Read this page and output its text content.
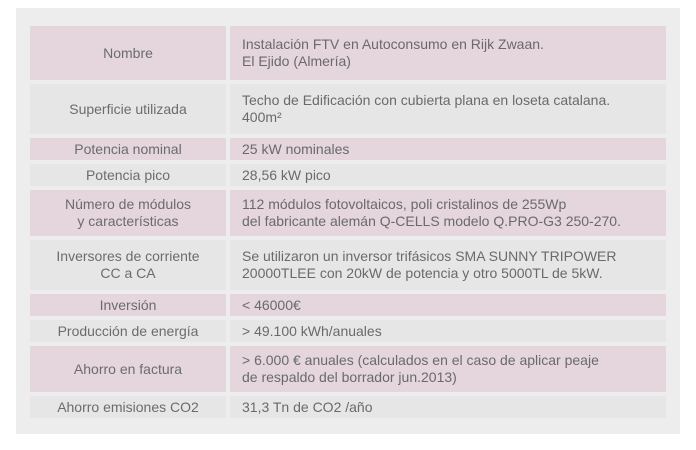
Nombre		Instalación FTV en Autoconsumo en Rijk Zwaan.
El Ejido (Almería)
Superficie utilizada		Techo de Edificación con cubierta plana en loseta catalana.
400m²
Potencia nominal		25 kW nominales
Potencia pico		28,56 kW pico
Número de módulos
y características		112 módulos fotovoltaicos, poli cristalinos de 255Wp
del fabricante alemán Q-CELLS modelo Q.PRO-G3 250-270.
Inversores de corriente
CC a CA		Se utilizaron un inversor trifásicos SMA SUNNY TRIPOWER
20000TLEE con 20kW de potencia y otro 5000TL de 5kW.
Inversión		< 46000€
Producción de energía		> 49.100 kWh/anuales
Ahorro en factura		> 6.000 € anuales (calculados en el caso de aplicar peaje
de respaldo del borrador jun.2013)
Ahorro emisiones CO2		31,3 Tn de CO2 /año
